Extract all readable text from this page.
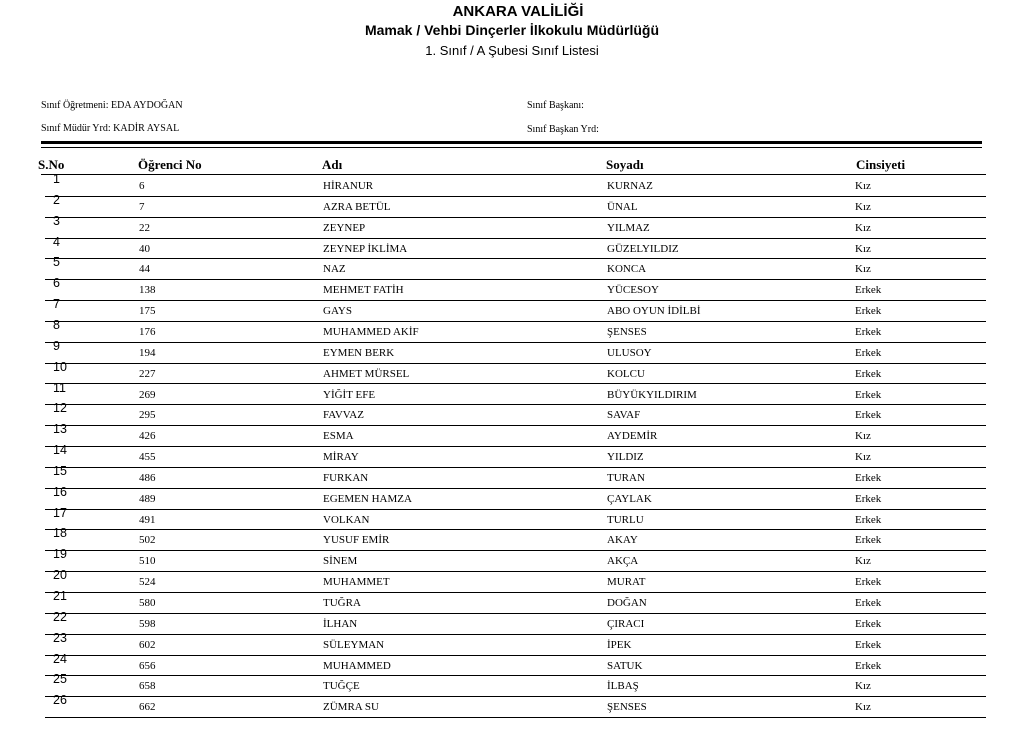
ANKARA VALİLİĞİ
Mamak / Vehbi Dinçerler İlkokulu Müdürlüğü
1. Sınıf / A Şubesi Sınıf Listesi
Sınıf Öğretmeni: EDA AYDOĞAN
Sınıf Müdür Yrd: KADİR AYSAL
Sınıf Başkanı:
Sınıf Başkan Yrd:
S.No	Öğrenci No	Adı	Soyadı	Cinsiyeti
1	6	HİRANUR	KURNAZ	Kız
2	7	AZRA BETÜL	ÜNAL	Kız
3	22	ZEYNEP	YILMAZ	Kız
4	40	ZEYNEP İKLİMA	GÜZELYILDIZ	Kız
5	44	NAZ	KONCA	Kız
6	138	MEHMET FATİH	YÜCESOY	Erkek
7	175	GAYS	ABO OYUN İDİLBİ	Erkek
8	176	MUHAMMED AKİF	ŞENSES	Erkek
9	194	EYMEN BERK	ULUSOY	Erkek
10	227	AHMET MÜRSEL	KOLCU	Erkek
11	269	YİĞİT EFE	BÜYÜKYILDIRIM	Erkek
12	295	FAVVAZ	SAVAF	Erkek
13	426	ESMA	AYDEMİR	Kız
14	455	MİRAY	YILDIZ	Kız
15	486	FURKAN	TURAN	Erkek
16	489	EGEMEN HAMZA	ÇAYLAK	Erkek
17	491	VOLKAN	TURLU	Erkek
18	502	YUSUF EMİR	AKAY	Erkek
19	510	SİNEM	AKÇA	Kız
20	524	MUHAMMET	MURAT	Erkek
21	580	TUĞRA	DOĞAN	Erkek
22	598	İLHAN	ÇIRACI	Erkek
23	602	SÜLEYMAN	İPEK	Erkek
24	656	MUHAMMED	SATUK	Erkek
25	658	TUĞÇE	İLBAŞ	Kız
26	662	ZÜMRA SU	ŞENSES	Kız
